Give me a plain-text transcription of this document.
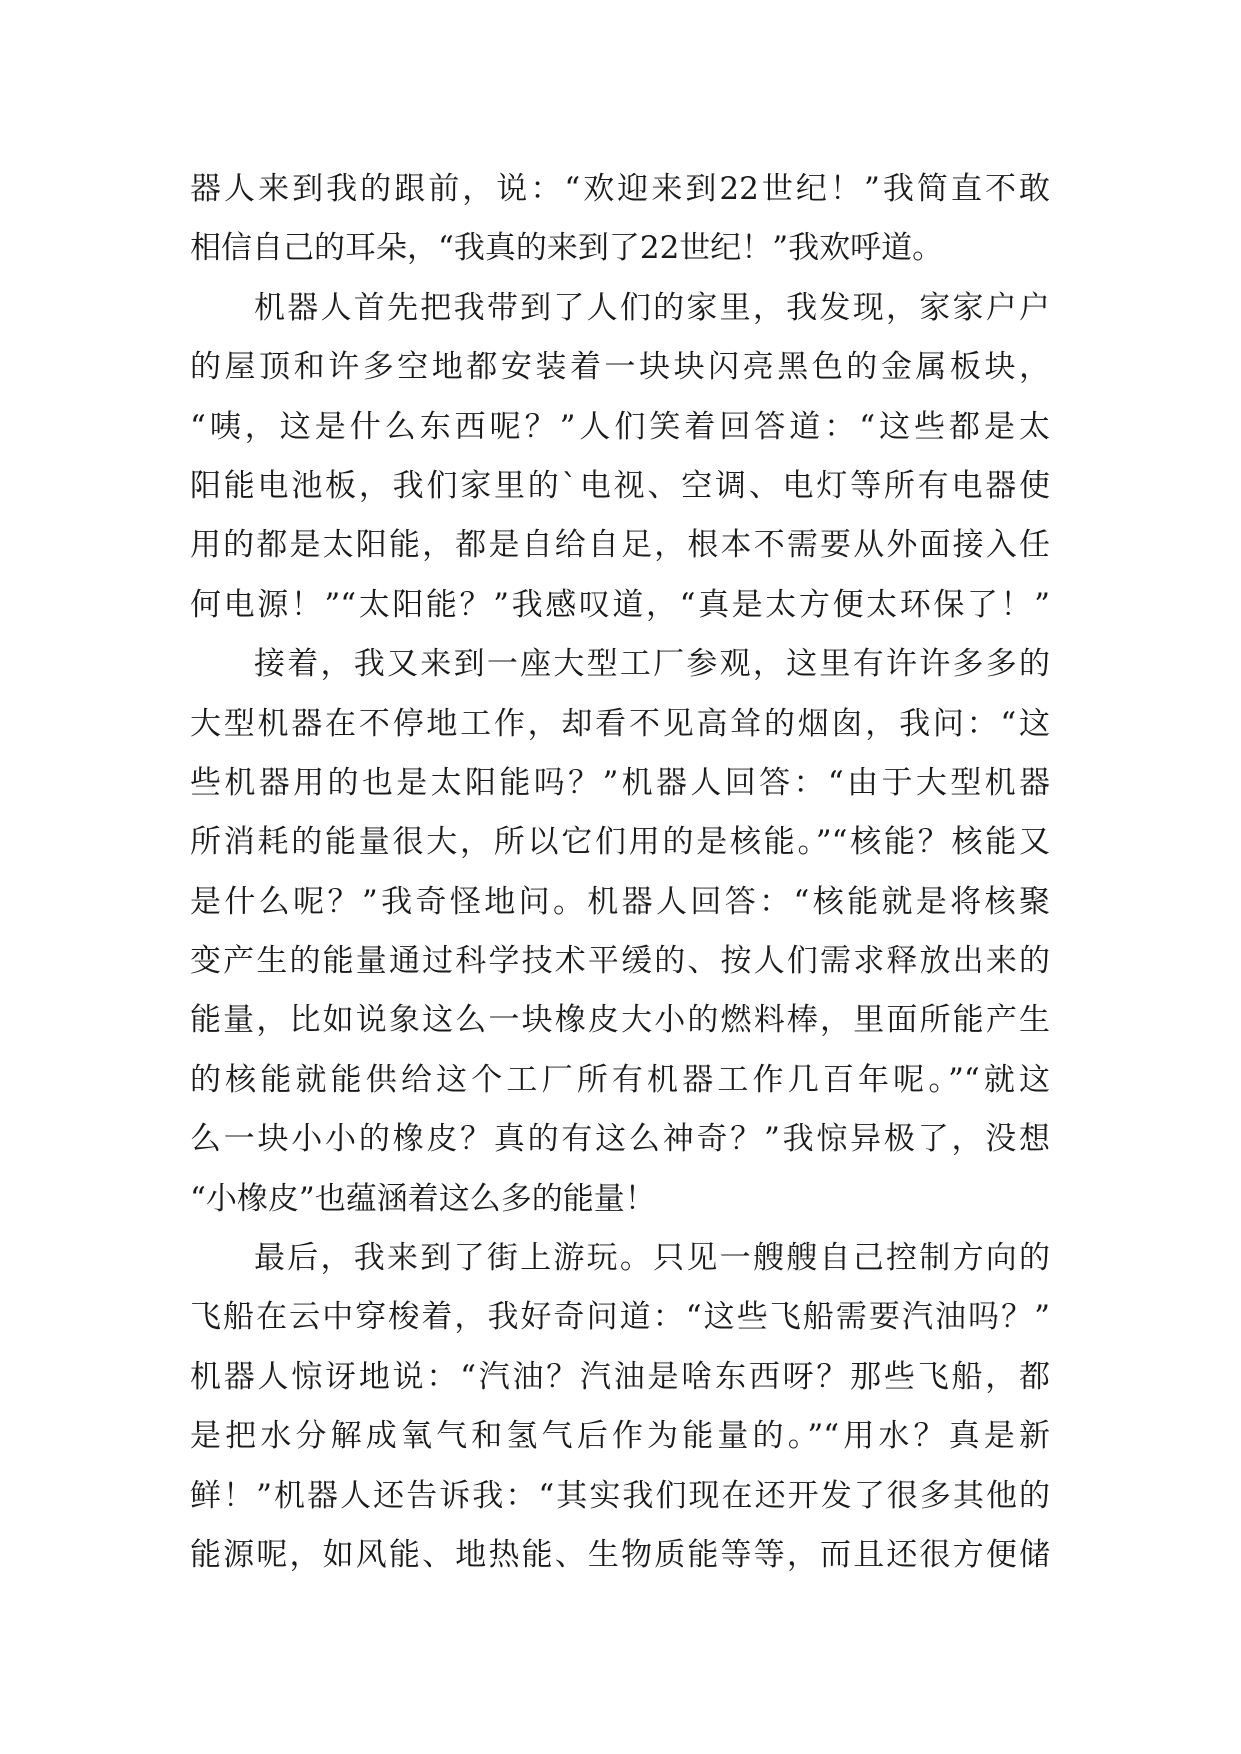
器人来到我的跟前，说：“欢迎来到22世纪！”我简直不敢
相信自己的耳朵，“我真的来到了22世纪！”我欢呼道。
机器人首先把我带到了人们的家里，我发现，家家户户
的屋顶和许多空地都安装着一块块闪亮黑色的金属板块，
“咦，这是什么东西呢？”人们笑着回答道：“这些都是太
阳能电池板，我们家里的`电视、空调、电灯等所有电器使
用的都是太阳能，都是自给自足，根本不需要从外面接入任
何电源！”“太阳能？”我感叹道，“真是太方便太环保了！”
接着，我又来到一座大型工厂参观，这里有许许多多的
大型机器在不停地工作，却看不见高耸的烟囱，我问：“这
些机器用的也是太阳能吗？”机器人回答：“由于大型机器
所消耗的能量很大，所以它们用的是核能。”“核能？核能又
是什么呢？”我奇怪地问。机器人回答：“核能就是将核聚
变产生的能量通过科学技术平缓的、按人们需求释放出来的
能量，比如说象这么一块橡皮大小的燃料棒，里面所能产生
的核能就能供给这个工厂所有机器工作几百年呢。”“就这
么一块小小的橡皮？真的有这么神奇？”我惊异极了，没想
“小橡皮”也蕴涵着这么多的能量！
最后，我来到了街上游玩。只见一艘艘自己控制方向的
飞船在云中穿梭着，我好奇问道：“这些飞船需要汽油吗？”
机器人惊讶地说：“汽油？汽油是啥东西呀？那些飞船，都
是把水分解成氧气和氢气后作为能量的。”“用水？真是新
鲜！”机器人还告诉我：“其实我们现在还开发了很多其他的
能源呢，如风能、地热能、生物质能等等，而且还很方便储
